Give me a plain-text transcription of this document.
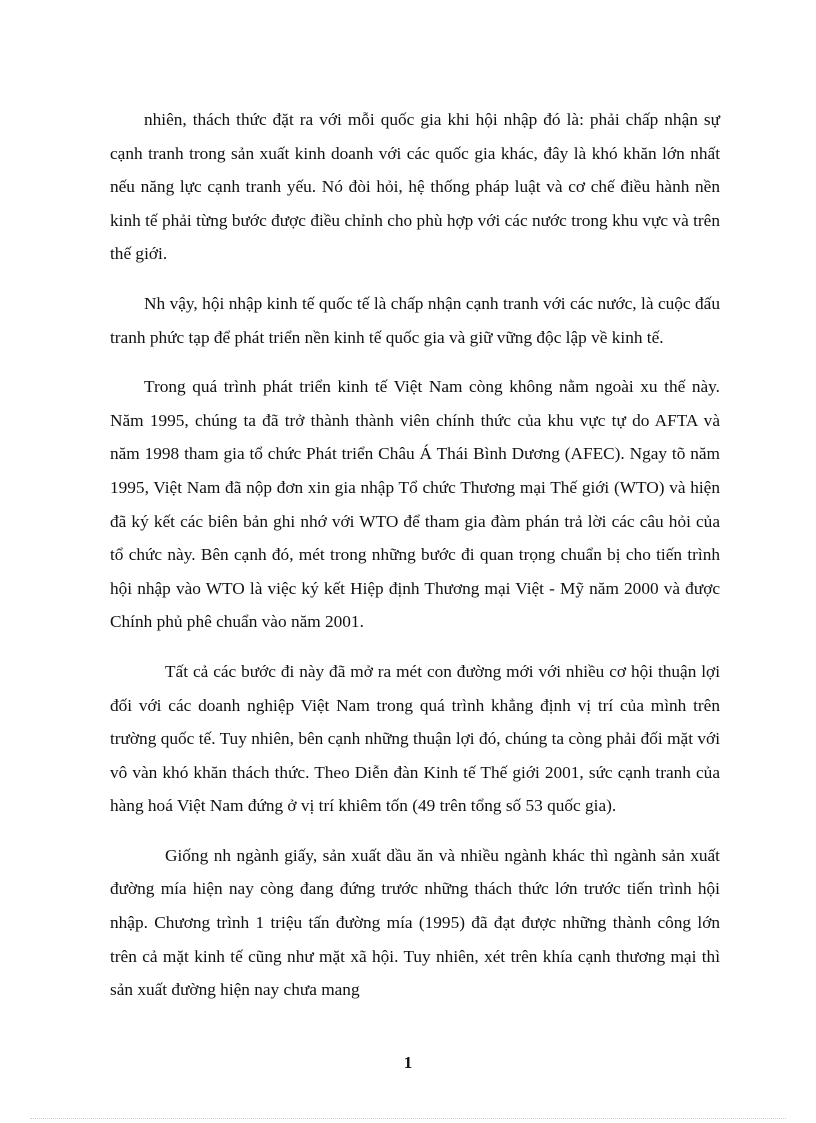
nhiên, thách thức đặt ra với mỗi quốc gia khi hội nhập đó là: phải chấp nhận sự cạnh tranh trong sản xuất kinh doanh với các quốc gia khác, đây là khó khăn lớn nhất nếu năng lực cạnh tranh yếu. Nó đòi hỏi, hệ thống pháp luật và cơ chế điều hành nền kinh tế phải từng bước được điều chỉnh cho phù hợp với các nước trong khu vực và trên thế giới.

Nh vậy, hội nhập kinh tế quốc tế là chấp nhận cạnh tranh với các nước, là cuộc đấu tranh phức tạp để phát triển nền kinh tế quốc gia và giữ vững độc lập về kinh tế.

Trong quá trình phát triển kinh tế Việt Nam còng không nằm ngoài xu thế này. Năm 1995, chúng ta đã trở thành thành viên chính thức của khu vực tự do AFTA và năm 1998 tham gia tổ chức Phát triển Châu Á Thái Bình Dương (AFEC). Ngay tõ năm 1995, Việt Nam đã nộp đơn xin gia nhập Tổ chức Thương mại Thế giới (WTO) và hiện đã ký kết các biên bản ghi nhớ với WTO để tham gia đàm phán trả lời các câu hỏi của tổ chức này. Bên cạnh đó, mét trong những bước đi quan trọng chuẩn bị cho tiến trình hội nhập vào WTO là việc ký kết Hiệp định Thương mại Việt - Mỹ năm 2000 và được Chính phủ phê chuẩn vào năm 2001.

Tất cả các bước đi này đã mở ra mét con đường mới với nhiều cơ hội thuận lợi đối với các doanh nghiệp Việt Nam trong quá trình khẳng định vị trí của mình trên trường quốc tế. Tuy nhiên, bên cạnh những thuận lợi đó, chúng ta còng phải đối mặt với vô vàn khó khăn thách thức. Theo Diễn đàn Kinh tế Thế giới 2001, sức cạnh tranh của hàng hoá Việt Nam đứng ở vị trí khiêm tốn (49 trên tổng số 53 quốc gia).

Giống nh ngành giấy, sản xuất dầu ăn và nhiều ngành khác thì ngành sản xuất đường mía hiện nay còng đang đứng trước những thách thức lớn trước tiến trình hội nhập. Chương trình 1 triệu tấn đường mía (1995) đã đạt được những thành công lớn trên cả mặt kinh tế cũng như mặt xã hội. Tuy nhiên, xét trên khía cạnh thương mại thì sản xuất đường hiện nay chưa mang

1
